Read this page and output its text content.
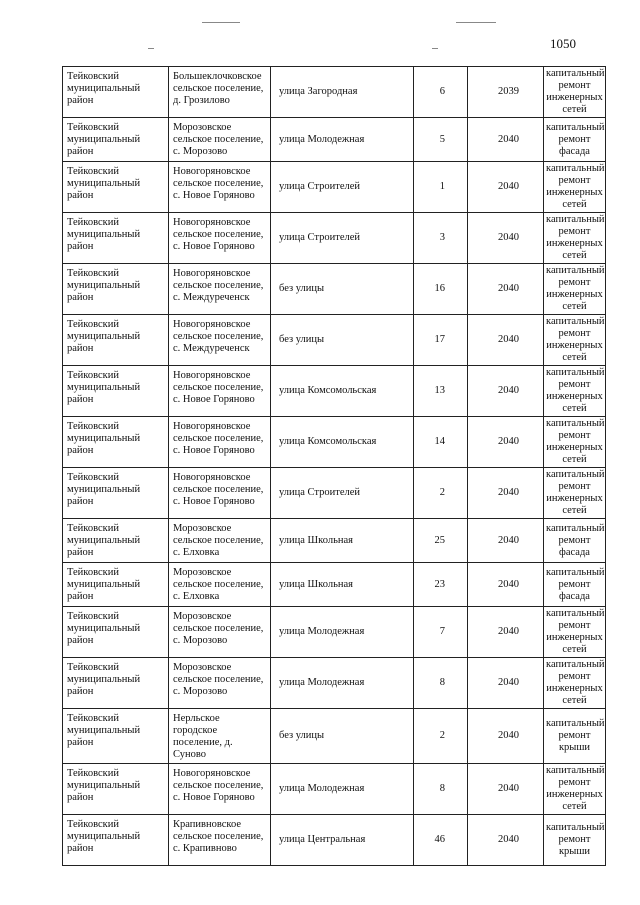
1050
Тейковский муниципальный район	Большеклочковское сельское поселение, д. Грозилово	улица Загородная	6	2039	капитальный ремонт инженерных сетей
Тейковский муниципальный район	Морозовское сельское поселение, с. Морозово	улица Молодежная	5	2040	капитальный ремонт фасада
Тейковский муниципальный район	Новогоряновское сельское поселение, с. Новое Горяново	улица Строителей	1	2040	капитальный ремонт инженерных сетей
Тейковский муниципальный район	Новогоряновское сельское поселение, с. Новое Горяново	улица Строителей	3	2040	капитальный ремонт инженерных сетей
Тейковский муниципальный район	Новогоряновское сельское поселение, с. Междуреченск	без улицы	16	2040	капитальный ремонт инженерных сетей
Тейковский муниципальный район	Новогоряновское сельское поселение, с. Междуреченск	без улицы	17	2040	капитальный ремонт инженерных сетей
Тейковский муниципальный район	Новогоряновское сельское поселение, с. Новое Горяново	улица Комсомольская	13	2040	капитальный ремонт инженерных сетей
Тейковский муниципальный район	Новогоряновское сельское поселение, с. Новое Горяново	улица Комсомольская	14	2040	капитальный ремонт инженерных сетей
Тейковский муниципальный район	Новогоряновское сельское поселение, с. Новое Горяново	улица Строителей	2	2040	капитальный ремонт инженерных сетей
Тейковский муниципальный район	Морозовское сельское поселение, с. Елховка	улица Школьная	25	2040	капитальный ремонт фасада
Тейковский муниципальный район	Морозовское сельское поселение, с. Елховка	улица Школьная	23	2040	капитальный ремонт фасада
Тейковский муниципальный район	Морозовское сельское поселение, с. Морозово	улица Молодежная	7	2040	капитальный ремонт инженерных сетей
Тейковский муниципальный район	Морозовское сельское поселение, с. Морозово	улица Молодежная	8	2040	капитальный ремонт инженерных сетей
Тейковский муниципальный район	Нерльское городское поселение, д. Суново	без улицы	2	2040	капитальный ремонт крыши
Тейковский муниципальный район	Новогоряновское сельское поселение, с. Новое Горяново	улица Молодежная	8	2040	капитальный ремонт инженерных сетей
Тейковский муниципальный район	Крапивновское сельское поселение, с. Крапивново	улица Центральная	46	2040	капитальный ремонт крыши
